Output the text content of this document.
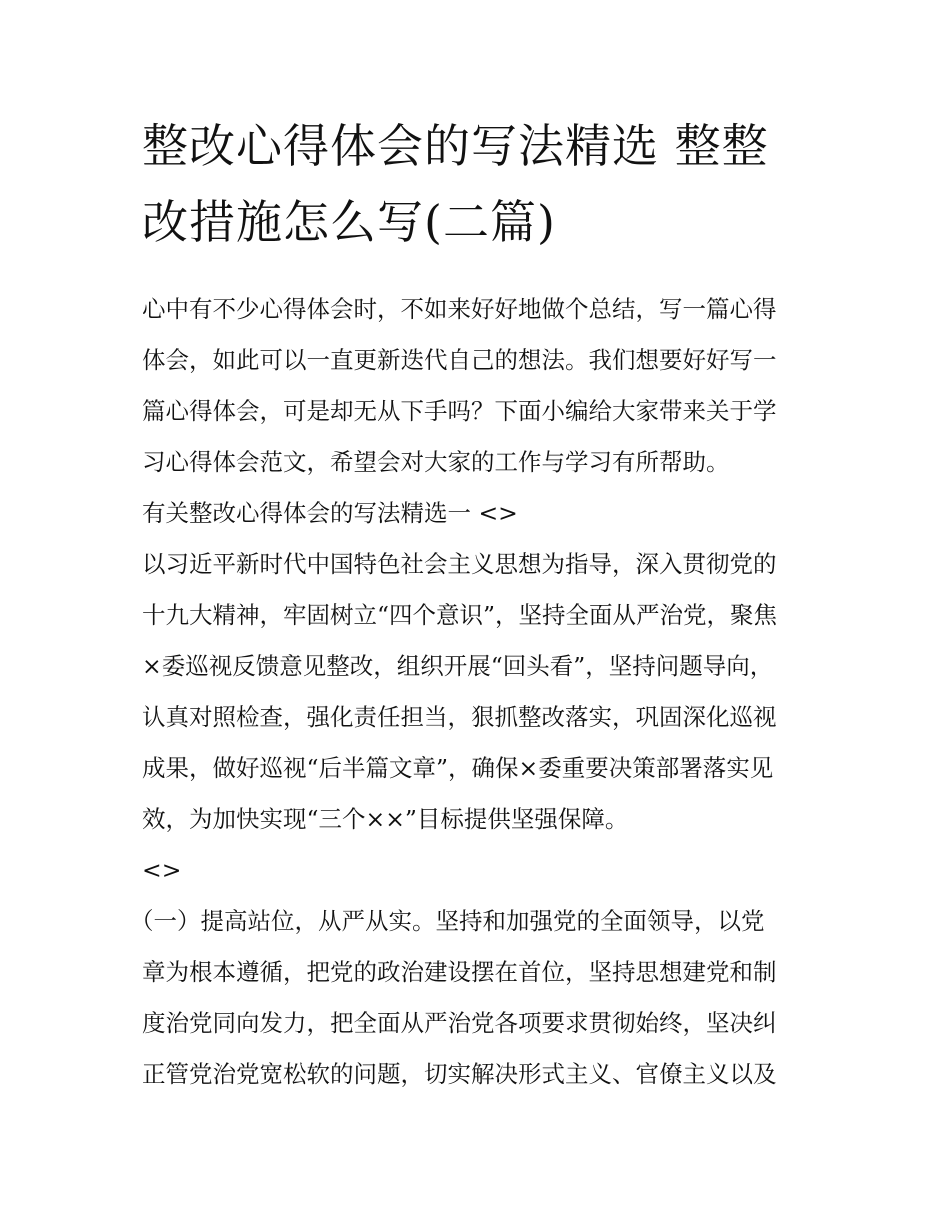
整改心得体会的写法精选 整整
改措施怎么写(二篇)
心中有不少心得体会时，不如来好好地做个总结，写一篇心得
体会，如此可以一直更新迭代自己的想法。我们想要好好写一
篇心得体会，可是却无从下手吗？下面小编给大家带来关于学
习心得体会范文，希望会对大家的工作与学习有所帮助。
有关整改心得体会的写法精选一 <>
以习近平新时代中国特色社会主义思想为指导，深入贯彻党的
十九大精神，牢固树立“四个意识”，坚持全面从严治党，聚焦
×委巡视反馈意见整改，组织开展“回头看”，坚持问题导向，
认真对照检查，强化责任担当，狠抓整改落实，巩固深化巡视
成果，做好巡视“后半篇文章”，确保×委重要决策部署落实见
效，为加快实现“三个××”目标提供坚强保障。
<>
（一）提高站位，从严从实。坚持和加强党的全面领导，以党
章为根本遵循，把党的政治建设摆在首位，坚持思想建党和制
度治党同向发力，把全面从严治党各项要求贯彻始终，坚决纠
正管党治党宽松软的问题，切实解决形式主义、官僚主义以及
